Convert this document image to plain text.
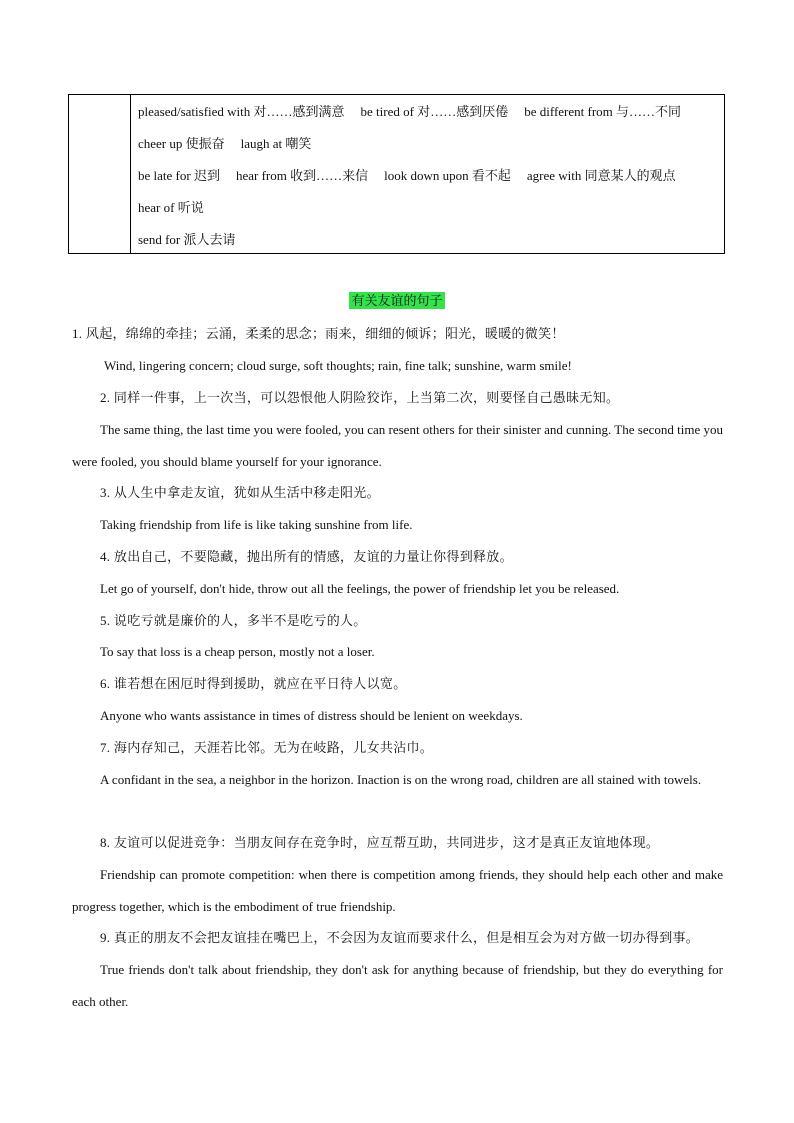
pleased/satisfied with 对……感到满意 be tired of 对……感到厌倦 be different from 与……不同
cheer up 使振奋 laugh at 嘲笑
be late for 迟到 hear from 收到……来信 look down upon 看不起 agree with 同意某人的观点
hear of 听说
send for 派人去请
有关友谊的句子

1. 风起，绵绵的牵挂；云涌，柔柔的思念；雨来，细细的倾诉；阳光，暖暖的微笑！

Wind, lingering concern; cloud surge, soft thoughts; rain, fine talk; sunshine, warm smile!

2. 同样一件事，上一次当，可以怨恨他人阴险狡诈，上当第二次，则要怪自己愚昧无知。

The same thing, the last time you were fooled, you can resent others for their sinister and cunning. The second time you were fooled, you should blame yourself for your ignorance.

3. 从人生中拿走友谊，犹如从生活中移走阳光。

Taking friendship from life is like taking sunshine from life.

4. 放出自己，不要隐藏，抛出所有的情感，友谊的力量让你得到释放。

Let go of yourself, don't hide, throw out all the feelings, the power of friendship let you be released.

5. 说吃亏就是廉价的人，多半不是吃亏的人。

To say that loss is a cheap person, mostly not a loser.

6. 谁若想在困厄时得到援助，就应在平日待人以宽。

Anyone who wants assistance in times of distress should be lenient on weekdays.

7. 海内存知己，天涯若比邻。无为在岐路，儿女共沾巾。

A confidant in the sea, a neighbor in the horizon. Inaction is on the wrong road, children are all stained with towels.

8. 友谊可以促进竞争：当朋友间存在竞争时，应互帮互助，共同进步，这才是真正友谊地体现。

Friendship can promote competition: when there is competition among friends, they should help each other and make progress together, which is the embodiment of true friendship.

9. 真正的朋友不会把友谊挂在嘴巴上，不会因为友谊而要求什么，但是相互会为对方做一切办得到事。

True friends don't talk about friendship, they don't ask for anything because of friendship, but they do everything for each other.
